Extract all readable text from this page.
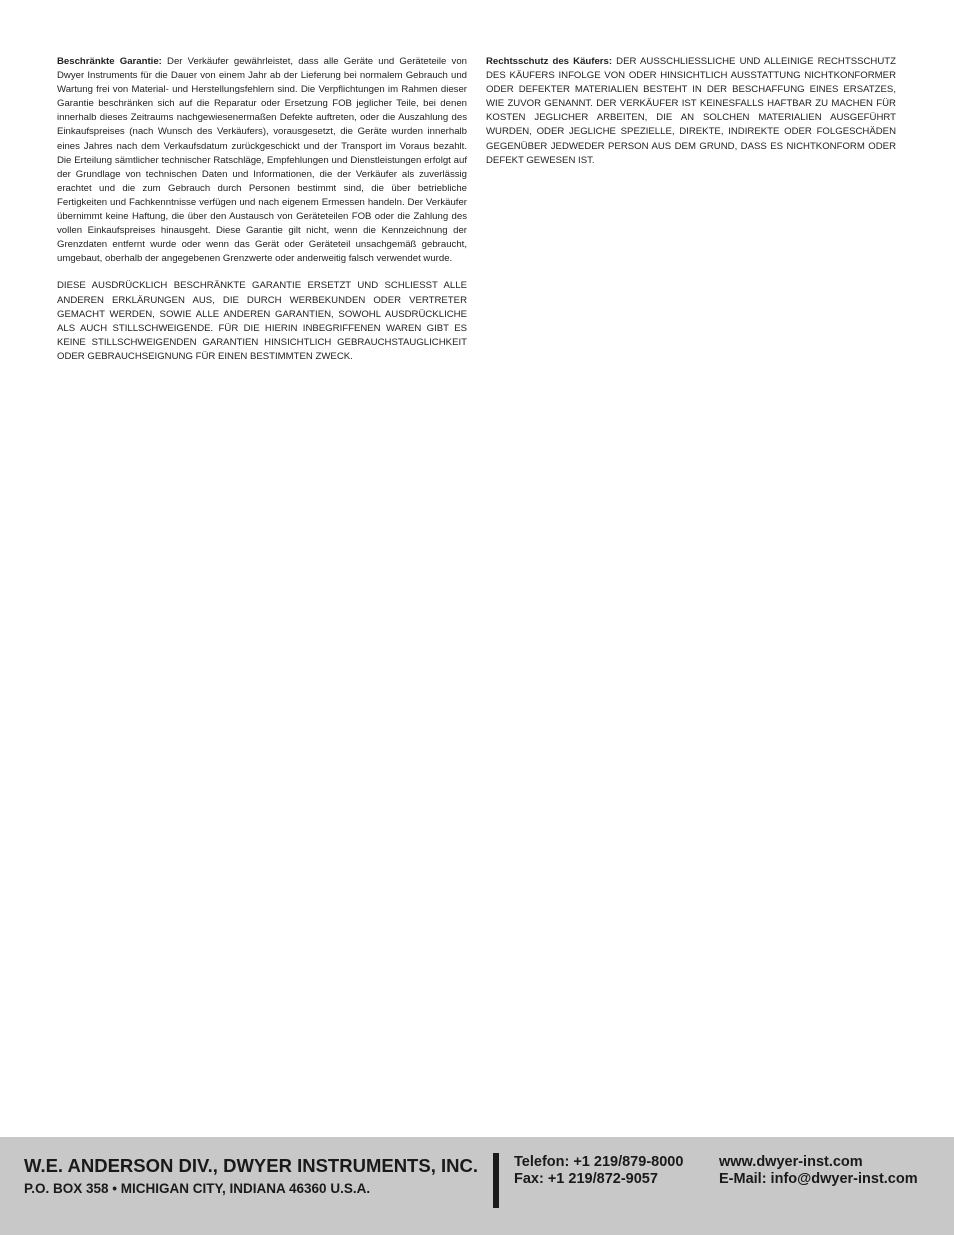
Beschränkte Garantie: Der Verkäufer gewährleistet, dass alle Geräte und Geräteteile von Dwyer Instruments für die Dauer von einem Jahr ab der Lieferung bei normalem Gebrauch und Wartung frei von Material- und Herstellungsfehlern sind. Die Verpflichtungen im Rahmen dieser Garantie beschränken sich auf die Reparatur oder Ersetzung FOB jeglicher Teile, bei denen innerhalb dieses Zeitraums nachgewiesenermaßen Defekte auftreten, oder die Auszahlung des Einkaufspreises (nach Wunsch des Verkäufers), vorausgesetzt, die Geräte wurden innerhalb eines Jahres nach dem Verkaufsdatum zurückgeschickt und der Transport im Voraus bezahlt. Die Erteilung sämtlicher technischer Ratschläge, Empfehlungen und Dienstleistungen erfolgt auf der Grundlage von technischen Daten und Informationen, die der Verkäufer als zuverlässig erachtet und die zum Gebrauch durch Personen bestimmt sind, die über betriebliche Fertigkeiten und Fachkenntnisse verfügen und nach eigenem Ermessen handeln. Der Verkäufer übernimmt keine Haftung, die über den Austausch von Geräteteilen FOB oder die Zahlung des vollen Einkaufspreises hinausgeht. Diese Garantie gilt nicht, wenn die Kennzeichnung der Grenzdaten entfernt wurde oder wenn das Gerät oder Geräteteil unsachgemäß gebraucht, umgebaut, oberhalb der angegebenen Grenzwerte oder anderweitig falsch verwendet wurde.

DIESE AUSDRÜCKLICH BESCHRÄNKTE GARANTIE ERSETZT UND SCHLIESST ALLE ANDEREN ERKLÄRUNGEN AUS, DIE DURCH WERBEKUNDEN ODER VERTRETER GEMACHT WERDEN, SOWIE ALLE ANDEREN GARANTIEN, SOWOHL AUSDRÜCKLICHE ALS AUCH STILLSCHWEIGENDE. FÜR DIE HIERIN INBEGRIFFENEN WAREN GIBT ES KEINE STILLSCHWEIGENDEN GARANTIEN HINSICHTLICH GEBRAUCHSTAUGLICHKEIT ODER GEBRAUCHSEIGNUNG FÜR EINEN BESTIMMTEN ZWECK.

Rechtsschutz des Käufers: DER AUSSCHLIESSLICHE UND ALLEINIGE RECHTSSCHUTZ DES KÄUFERS INFOLGE VON ODER HINSICHTLICH AUSSTATTUNG NICHTKONFORMER ODER DEFEKTER MATERIALIEN BESTEHT IN DER BESCHAFFUNG EINES ERSATZES, WIE ZUVOR GENANNT. DER VERKÄUFER IST KEINESFALLS HAFTBAR ZU MACHEN FÜR KOSTEN JEGLICHER ARBEITEN, DIE AN SOLCHEN MATERIALIEN AUSGEFÜHRT WURDEN, ODER JEGLICHE SPEZIELLE, DIREKTE, INDIREKTE ODER FOLGESCHÄDEN GEGENÜBER JEDWEDER PERSON AUS DEM GRUND, DASS ES NICHTKONFORM ODER DEFEKT GEWESEN IST.

W.E. ANDERSON DIV., DWYER INSTRUMENTS, INC.
P.O. BOX 358 • MICHIGAN CITY, INDIANA 46360 U.S.A.
Telefon: +1 219/879-8000
Fax: +1 219/872-9057
www.dwyer-inst.com
E-Mail: info@dwyer-inst.com
